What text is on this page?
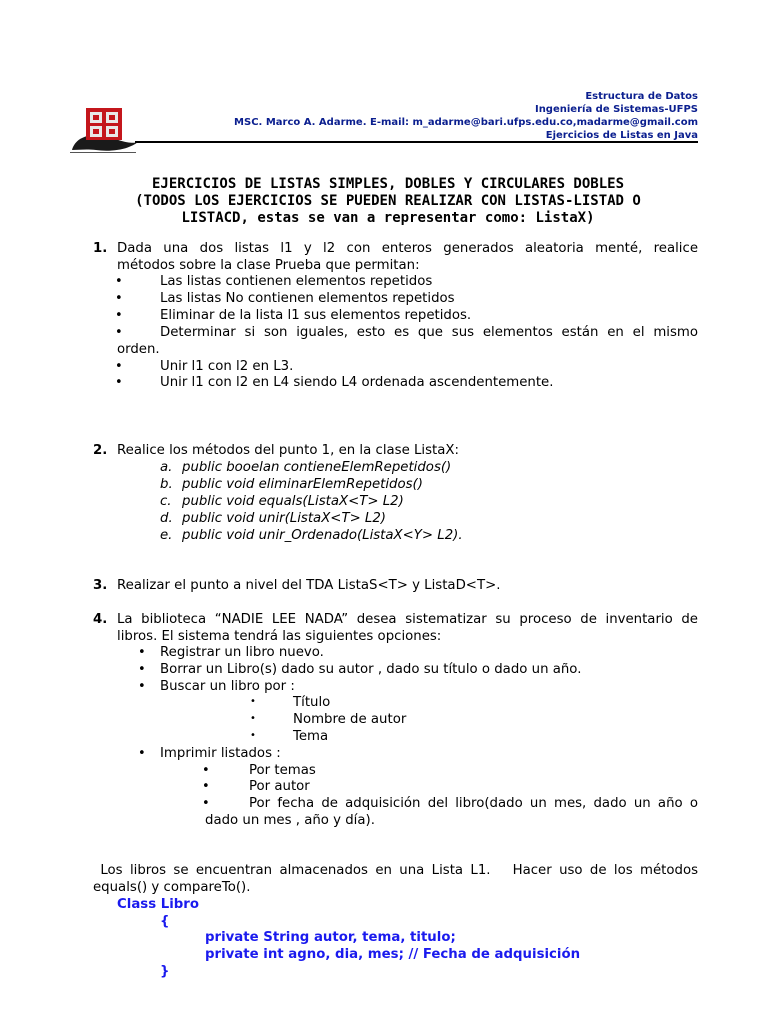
Estructura de Datos
Ingeniería de Sistemas-UFPS
MSC. Marco A. Adarme. E-mail: m_adarme@bari.ufps.edu.co,madarme@gmail.com
Ejercicios de Listas en Java
EJERCICIOS DE LISTAS SIMPLES, DOBLES Y CIRCULARES DOBLES
(TODOS LOS EJERCICIOS SE PUEDEN REALIZAR CON LISTAS-LISTAD O
LISTACD, estas se van a representar como: ListaX)
1. Dada una dos listas l1 y l2 con enteros generados aleatoria menté, realice
métodos sobre la clase Prueba que permitan:
•	Las listas contienen elementos repetidos
•	Las listas No contienen elementos repetidos
•	Eliminar de la lista l1 sus elementos repetidos.
•	Determinar si son iguales, esto es que sus elementos están en el mismo
orden.
•	Unir l1 con l2 en L3.
•	Unir l1 con l2 en L4 siendo L4 ordenada ascendentemente.
2. Realice los métodos del punto 1, en la clase ListaX:
a. public booelan contieneElemRepetidos()
b. public void eliminarElemRepetidos()
c. public void equals(ListaX<T> L2)
d. public void unir(ListaX<T> L2)
e. public void unir_Ordenado(ListaX<Y> L2).
3. Realizar el punto a nivel del TDA ListaS<T> y ListaD<T>.
4. La biblioteca “NADIE LEE NADA” desea sistematizar su proceso de inventario de
libros. El sistema tendrá las siguientes opciones:
• Registrar un libro nuevo.
• Borrar un Libro(s) dado su autor , dado su título o dado un año.
• Buscar un libro por :
•	Título
•	Nombre de autor
•	Tema
• Imprimir listados :
•	Por temas
•	Por autor
•	Por fecha de adquisición del libro(dado un mes, dado un año o
dado un mes , año y día).
Los libros se encuentran almacenados en una Lista L1.   Hacer uso de los métodos
equals() y compareTo().
Class Libro
{
private String autor, tema, titulo;
private int agno, dia, mes; // Fecha de adquisición
}
